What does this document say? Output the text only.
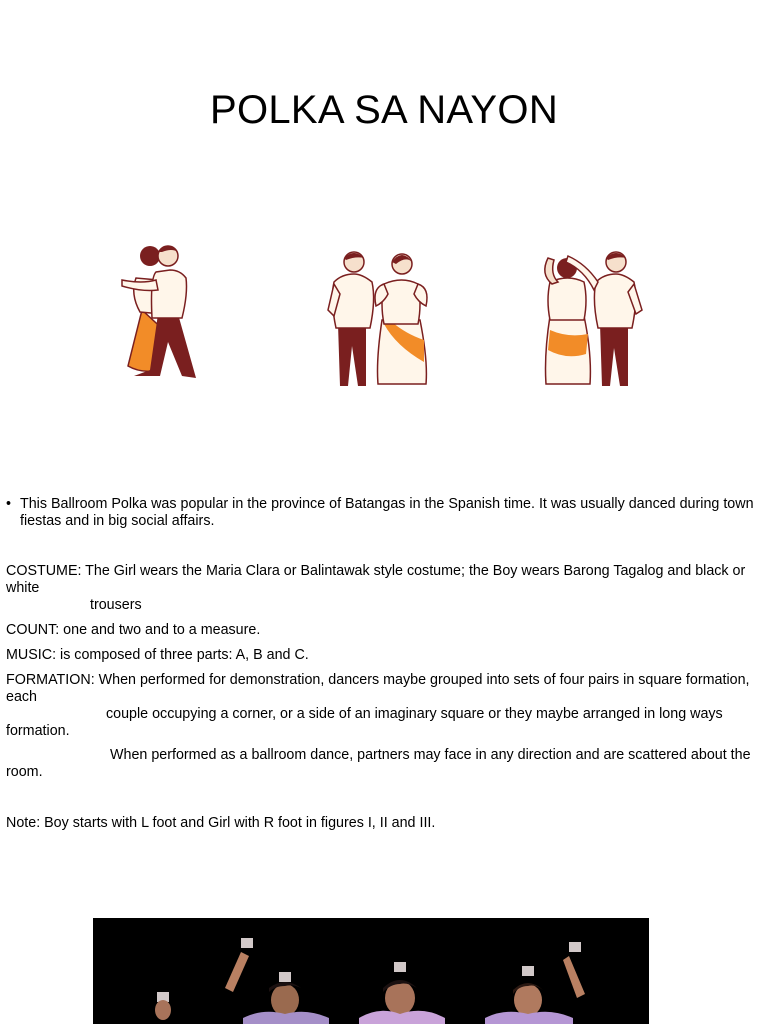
POLKA SA NAYON
• This Ballroom Polka was popular in the province of Batangas in the Spanish time. It was usually danced during town fiestas and in big social affairs.
COSTUME: The Girl wears the Maria Clara or Balintawak style costume; the Boy wears Barong Tagalog and black or white
trousers
COUNT: one and two and to a measure.
MUSIC: is composed of three parts: A, B and C.
FORMATION: When performed for demonstration, dancers maybe grouped into sets of four pairs in square formation, each
couple occupying a corner, or a side of an imaginary square or they maybe arranged in long ways formation.
When performed as a ballroom dance, partners may face in any direction and are scattered about the room.
Note: Boy starts with L foot and Girl with R foot in figures I, II and III.
